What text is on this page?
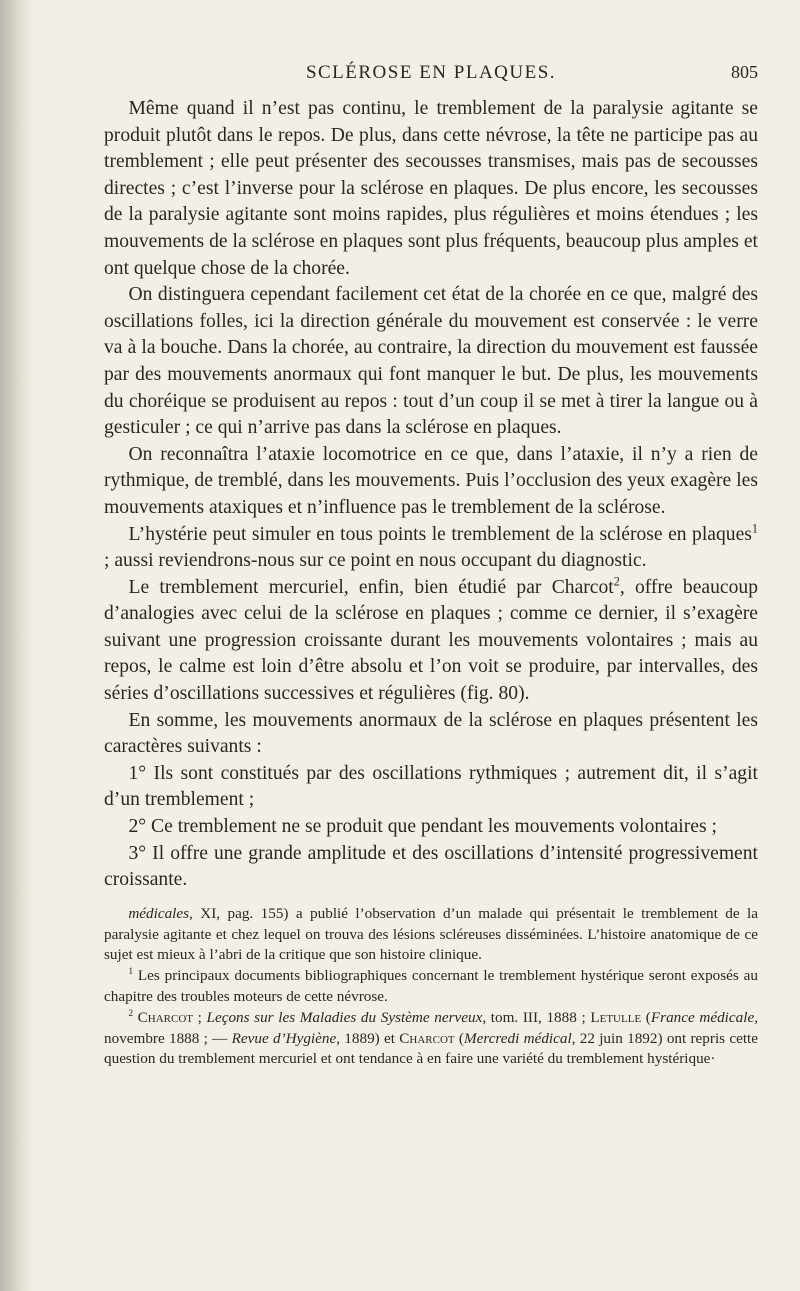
SCLÉROSE EN PLAQUES.	805

Même quand il n’est pas continu, le tremblement de la paralysie agitante se produit plutôt dans le repos. De plus, dans cette névrose, la tête ne participe pas au tremblement ; elle peut présenter des secousses transmises, mais pas de secousses directes ; c’est l’inverse pour la sclérose en plaques. De plus encore, les secousses de la paralysie agitante sont moins rapides, plus régulières et moins étendues ; les mouvements de la sclérose en plaques sont plus fréquents, beaucoup plus amples et ont quelque chose de la chorée.

On distinguera cependant facilement cet état de la chorée en ce que, malgré des oscillations folles, ici la direction générale du mouvement est conservée : le verre va à la bouche. Dans la chorée, au contraire, la direction du mouvement est faussée par des mouvements anormaux qui font manquer le but. De plus, les mouvements du choréique se produisent au repos : tout d’un coup il se met à tirer la langue ou à gesticuler ; ce qui n’arrive pas dans la sclérose en plaques.

On reconnaîtra l’ataxie locomotrice en ce que, dans l’ataxie, il n’y a rien de rythmique, de tremblé, dans les mouvements. Puis l’occlusion des yeux exagère les mouvements ataxiques et n’influence pas le tremblement de la sclérose.

L’hystérie peut simuler en tous points le tremblement de la sclérose en plaques$^1$ ; aussi reviendrons-nous sur ce point en nous occupant du diagnostic.

Le tremblement mercuriel, enfin, bien étudié par Charcot$^2$, offre beaucoup d’analogies avec celui de la sclérose en plaques ; comme ce dernier, il s’exagère suivant une progression croissante durant les mouvements volontaires ; mais au repos, le calme est loin d’être absolu et l’on voit se produire, par intervalles, des séries d’oscillations successives et régulières (fig. 80).

En somme, les mouvements anormaux de la sclérose en plaques présentent les caractères suivants :

1° Ils sont constitués par des oscillations rythmiques ; autrement dit, il s’agit d’un tremblement ;

2° Ce tremblement ne se produit que pendant les mouvements volontaires ;

3° Il offre une grande amplitude et des oscillations d’intensité progressivement croissante.

médicales, XI, pag. 155) a publié l’observation d’un malade qui présentait le tremblement de la paralysie agitante et chez lequel on trouva des lésions scléreuses disséminées. L’histoire anatomique de ce sujet est mieux à l’abri de la critique que son histoire clinique.

$^1$ Les principaux documents bibliographiques concernant le tremblement hystérique seront exposés au chapitre des troubles moteurs de cette névrose.

$^2$ Charcot ; Leçons sur les Maladies du Système nerveux, tom. III, 1888 ; Letulle (France médicale, novembre 1888 ; — Revue d’Hygiène, 1889) et Charcot (Mercredi médical, 22 juin 1892) ont repris cette question du tremblement mercuriel et ont tendance à en faire une variété du tremblement hystérique·
